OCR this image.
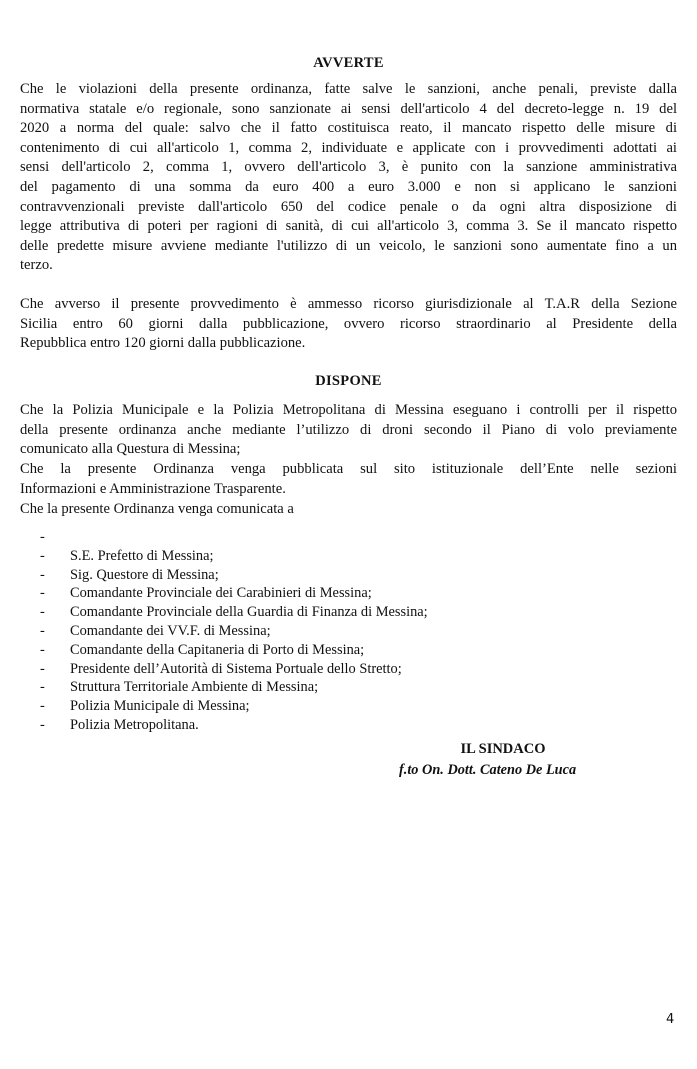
AVVERTE
Che le violazioni della presente ordinanza, fatte salve le sanzioni, anche penali, previste dalla
normativa statale e/o regionale, sono sanzionate ai sensi dell'articolo 4 del decreto-legge n. 19 del
2020 a norma del quale: salvo che il fatto costituisca reato, il mancato rispetto delle misure di
contenimento di cui all'articolo 1, comma 2, individuate e applicate con i provvedimenti adottati ai
sensi dell'articolo 2, comma 1, ovvero dell'articolo 3, è punito con la sanzione amministrativa
del pagamento di una somma da euro 400 a euro 3.000 e non si applicano le sanzioni
contravvenzionali previste dall'articolo 650 del codice penale o da ogni altra disposizione di
legge attributiva di poteri per ragioni di sanità, di cui all'articolo 3, comma 3. Se il mancato rispetto
delle predette misure avviene mediante l'utilizzo di un veicolo, le sanzioni sono aumentate fino a un
terzo.
Che avverso il presente provvedimento è ammesso ricorso giurisdizionale al T.A.R della Sezione
Sicilia entro 60 giorni dalla pubblicazione, ovvero ricorso straordinario al Presidente della
Repubblica entro 120 giorni dalla pubblicazione.
DISPONE
Che la Polizia Municipale e la Polizia Metropolitana di Messina eseguano i controlli per il rispetto
della presente ordinanza anche mediante l’utilizzo di droni secondo il Piano di volo previamente
comunicato alla Questura di Messina;
Che la presente Ordinanza venga pubblicata sul sito istituzionale dell’Ente nelle sezioni
Informazioni e Amministrazione Trasparente.
Che la presente Ordinanza venga comunicata a
-
- S.E. Prefetto di Messina;
- Sig. Questore di Messina;
- Comandante Provinciale dei Carabinieri di Messina;
- Comandante Provinciale della Guardia di Finanza di Messina;
- Comandante dei VV.F. di Messina;
- Comandante della Capitaneria di Porto di Messina;
- Presidente dell’Autorità di Sistema Portuale dello Stretto;
- Struttura Territoriale Ambiente di Messina;
- Polizia Municipale di Messina;
- Polizia Metropolitana.
IL SINDACO
f.to On. Dott. Cateno De Luca
4
